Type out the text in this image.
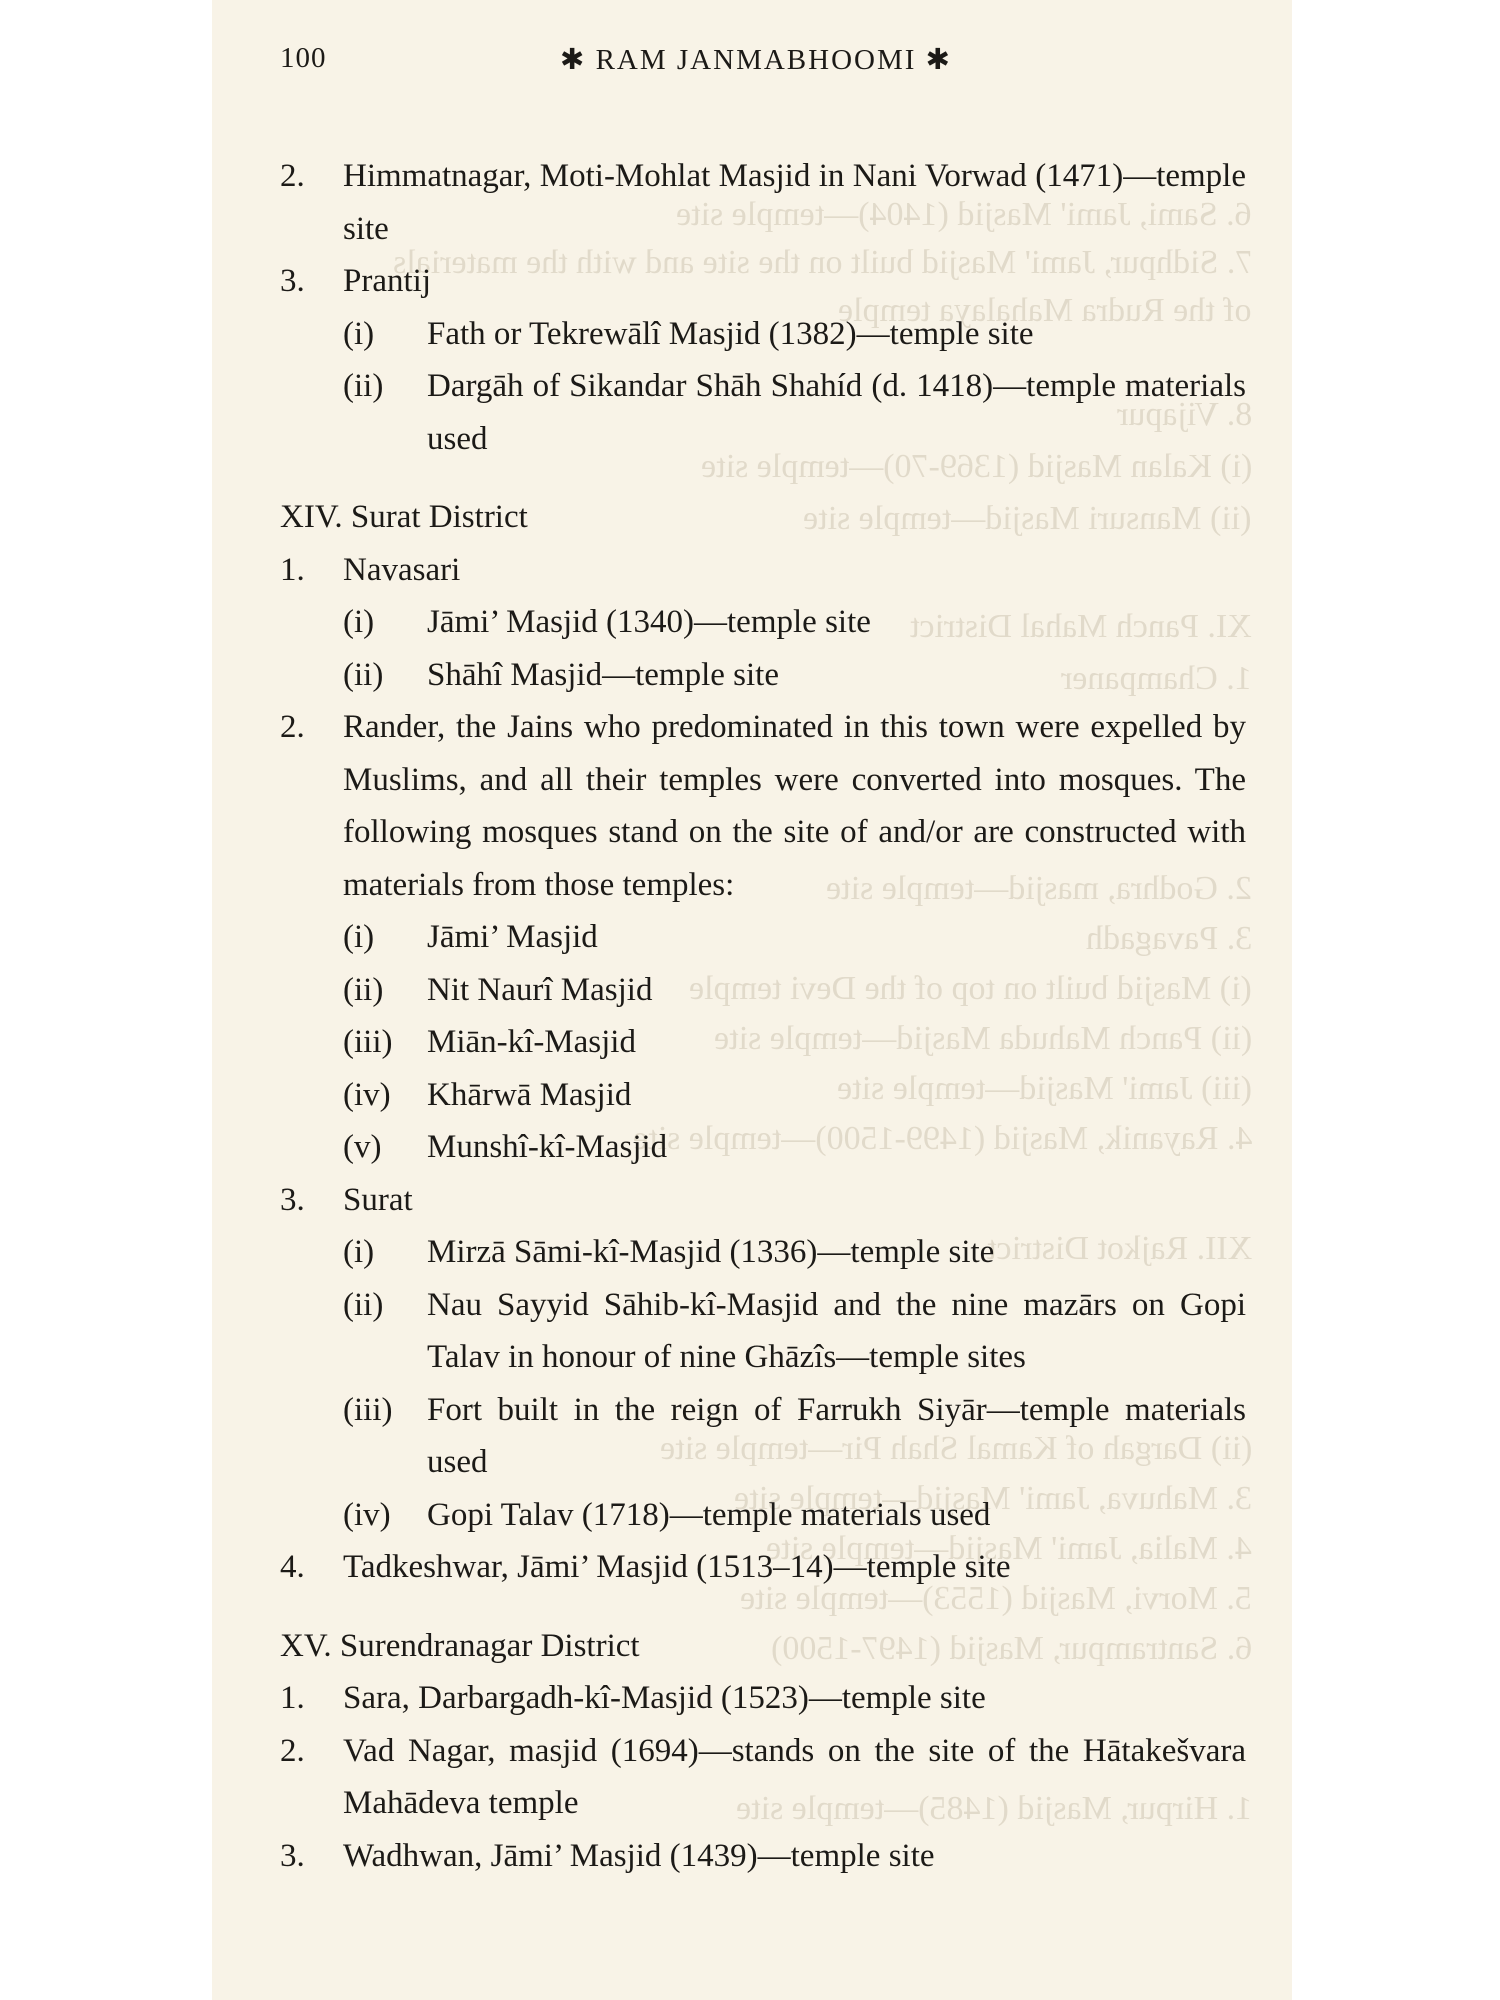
6. Sami, Jami' Masjid (1404)—temple site
7. Sidhpur, Jami' Masjid built on the site and with the materials
of the Rudra Mahalaya temple
8. Vijapur
(i) Kalan Masjid (1369-70)—temple site
(ii) Mansuri Masjid—temple site
XI. Panch Mahal District
1. Champaner
2. Godhra, masjid—temple site
3. Pavagadh
(i) Masjid built on top of the Devi temple
(ii) Panch Mahuda Masjid—temple site
(iii) Jami' Masjid—temple site
4. Rayanik, Masjid (1499-1500)—temple site
XII. Rajkot District
(ii) Dargah of Kamal Shah Pir—temple site
3. Mahuva, Jami' Masjid—temple site
4. Malia, Jami' Masjid—temple site
5. Morvi, Masjid (1553)—temple site
6. Santrampur, Masjid (1497-1500)
1. Hirpur, Masjid (1485)—temple site
100	✱ RAM JANMABHOOMI ✱
2. Himmatnagar, Moti-Mohlat Masjid in Nani Vorwad (1471)—temple site
3. Prantij
(i) Fath or Tekrewālî Masjid (1382)—temple site
(ii) Dargāh of Sikandar Shāh Shahíd (d. 1418)—temple materials used
XIV. Surat District
1. Navasari
(i) Jāmi’ Masjid (1340)—temple site
(ii) Shāhî Masjid—temple site
2. Rander, the Jains who predominated in this town were expelled by Muslims, and all their temples were converted into mosques. The following mosques stand on the site of and/or are constructed with materials from those temples:
(i) Jāmi’ Masjid
(ii) Nit Naurî Masjid
(iii) Miān-kî-Masjid
(iv) Khārwā Masjid
(v) Munshî-kî-Masjid
3. Surat
(i) Mirzā Sāmi-kî-Masjid (1336)—temple site
(ii) Nau Sayyid Sāhib-kî-Masjid and the nine mazārs on Gopi Talav in honour of nine Ghāzîs—temple sites
(iii) Fort built in the reign of Farrukh Siyār—temple materials used
(iv) Gopi Talav (1718)—temple materials used
4. Tadkeshwar, Jāmi’ Masjid (1513–14)—temple site
XV. Surendranagar District
1. Sara, Darbargadh-kî-Masjid (1523)—temple site
2. Vad Nagar, masjid (1694)—stands on the site of the Hātakešvara Mahādeva temple
3. Wadhwan, Jāmi’ Masjid (1439)—temple site
